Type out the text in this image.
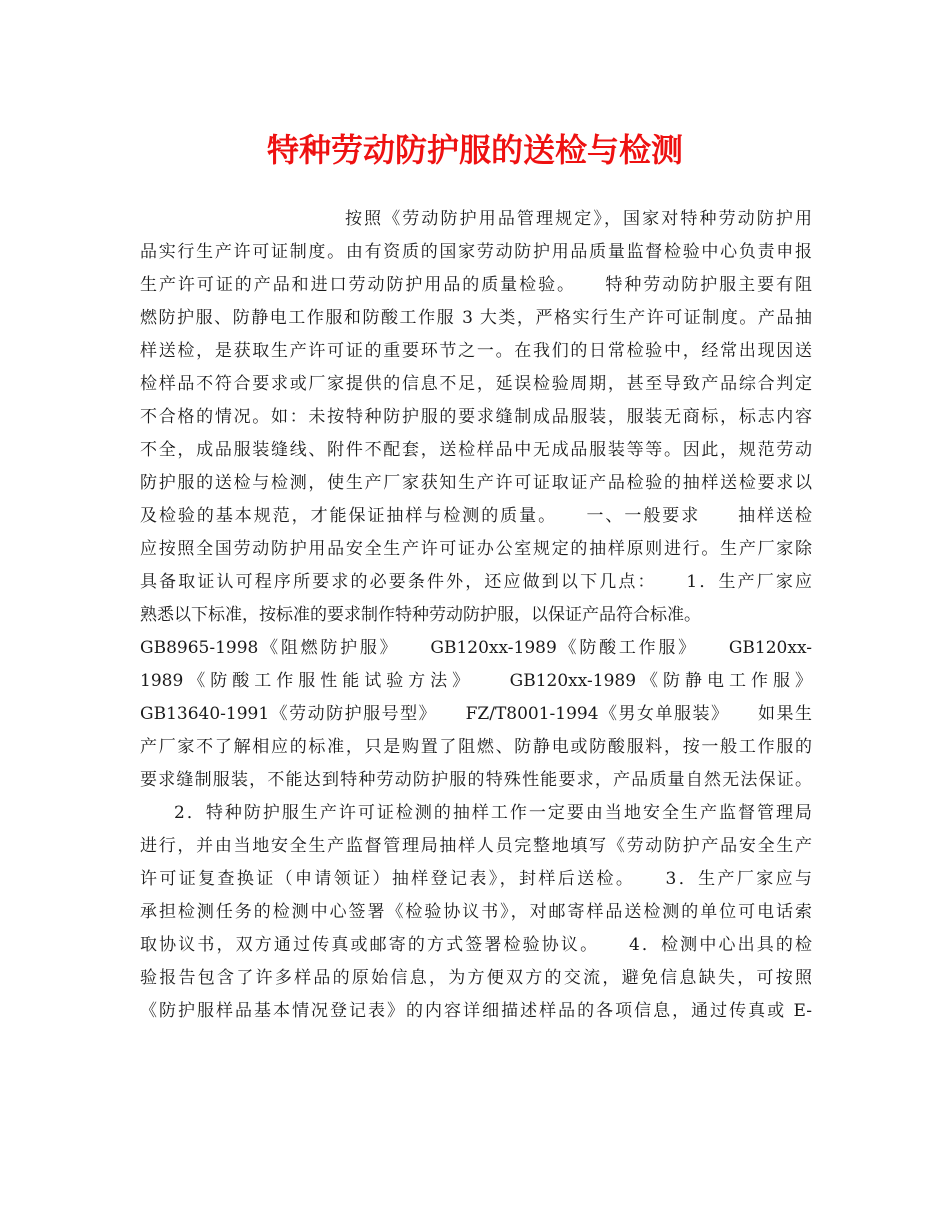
特种劳动防护服的送检与检测
按照《劳动防护用品管理规定》，国家对特种劳动防护用
品实行生产许可证制度。由有资质的国家劳动防护用品质量监督检验中心负责申报
生产许可证的产品和进口劳动防护用品的质量检验。　　特种劳动防护服主要有阻
燃防护服、防静电工作服和防酸工作服 3 大类，严格实行生产许可证制度。产品抽
样送检，是获取生产许可证的重要环节之一。在我们的日常检验中，经常出现因送
检样品不符合要求或厂家提供的信息不足，延误检验周期，甚至导致产品综合判定
不合格的情况。如：未按特种防护服的要求缝制成品服装，服装无商标，标志内容
不全，成品服装缝线、附件不配套，送检样品中无成品服装等等。因此，规范劳动
防护服的送检与检测，使生产厂家获知生产许可证取证产品检验的抽样送检要求以
及检验的基本规范，才能保证抽样与检测的质量。　　一、一般要求　　抽样送检
应按照全国劳动防护用品安全生产许可证办公室规定的抽样原则进行。生产厂家除
具备取证认可程序所要求的必要条件外，还应做到以下几点：　　1．生产厂家应
熟悉以下标准，按标准的要求制作特种劳动防护服，以保证产品符合标准。
GB8965-1998《阻燃防护服》　　GB120xx-1989《防酸工作服》　　GB120xx-
1989《防酸工作服性能试验方法》　　GB120xx-1989《防静电工作服》
GB13640-1991《劳动防护服号型》　　FZ/T8001-1994《男女单服装》　　如果生
产厂家不了解相应的标准，只是购置了阻燃、防静电或防酸服料，按一般工作服的
要求缝制服装，不能达到特种劳动防护服的特殊性能要求，产品质量自然无法保证。
2．特种防护服生产许可证检测的抽样工作一定要由当地安全生产监督管理局
进行，并由当地安全生产监督管理局抽样人员完整地填写《劳动防护产品安全生产
许可证复查换证（申请领证）抽样登记表》，封样后送检。　　3．生产厂家应与
承担检测任务的检测中心签署《检验协议书》，对邮寄样品送检测的单位可电话索
取协议书，双方通过传真或邮寄的方式签署检验协议。　　4．检测中心出具的检
验报告包含了许多样品的原始信息，为方便双方的交流，避免信息缺失，可按照
《防护服样品基本情况登记表》的内容详细描述样品的各项信息，通过传真或 E-
